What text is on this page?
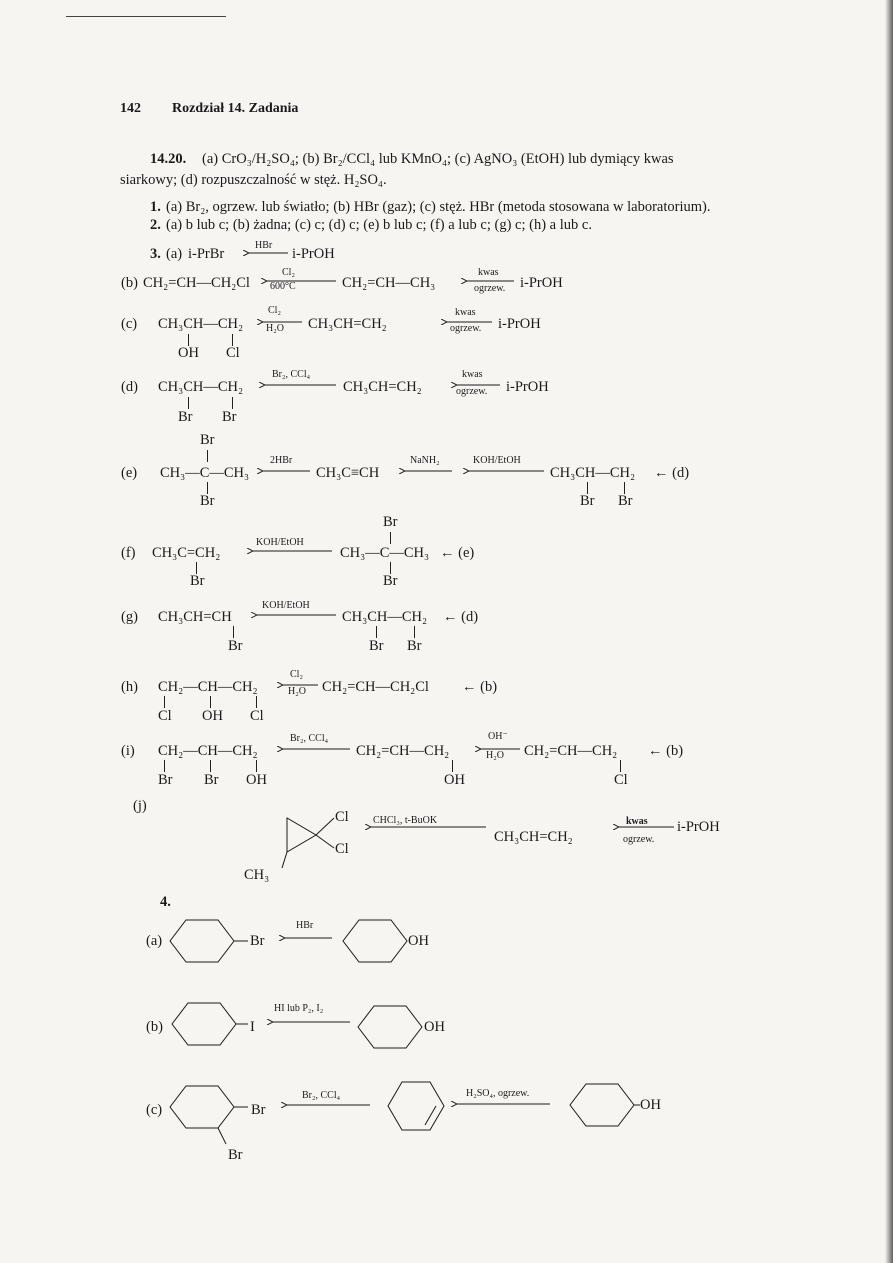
142 Rozdział 14. Zadania
14.20. (a) CrO₃/H₂SO₄; (b) Br₂/CCl₄ lub KMnO₄; (c) AgNO₃ (EtOH) lub dymiący kwas
siarkowy; (d) rozpuszczalność w stęż. H₂SO₄.
1. (a) Br₂, ogrzew. lub światło; (b) HBr (gaz); (c) stęż. HBr (metoda stosowana w laboratorium).
2. (a) b lub c; (b) żadna; (c) c; (d) c; (e) b lub c; (f) a lub c; (g) c; (h) a lub c.
3. (a) i-PrBr
HBr
i-PrOH
(b) CH₂=CH—CH₂Cl
Cl₂
600°C	CH₂=CH—CH₃
kwas
ogrzew. i-PrOH
(c) CH₃CH—CH₂
OH Cl
Cl₂
H₂O CH₃CH=CH₂
kwas
ogrzew. i-PrOH
(d) CH₃CH—CH₂
Br Br
Br₂, CCl₄
CH₃CH=CH₂
kwas
ogrzew. i-PrOH
Br
(e) CH₃—C—CH₃
Br
2HBr
CH₃C≡CH
NaNH₂	KOH/EtOH
CH₃CH—CH₂
Br Br
← (d)
Br
(f) CH₃C=CH₂
Br
KOH/EtOH
CH₃—C—CH₃
Br
← (e)
(g) CH₃CH=CH
Br
KOH/EtOH
CH₃CH—CH₂
Br Br
← (d)
(h) CH₂—CH—CH₂
Cl OH Cl
Cl₂
H₂O CH₂=CH—CH₂Cl ← (b)
(i) CH₂—CH—CH₂
Br Br OH
Br₂, CCl₄
CH₂=CH—CH₂
OH
OH⁻
H₂O CH₂=CH—CH₂
Cl
← (b)
(j)
Cl
Cl
CH₃
CHCl₃, t-BuOK
CH₃CH=CH₂
kwas
ogrzew.
i-PrOH
4.
(a)	Br
HBr
OH
(b)	I
HI lub P₂, I₂
OH
(c)	Br
Br
Br₂, CCl₄	H₂SO₄, ogrzew.
OH
